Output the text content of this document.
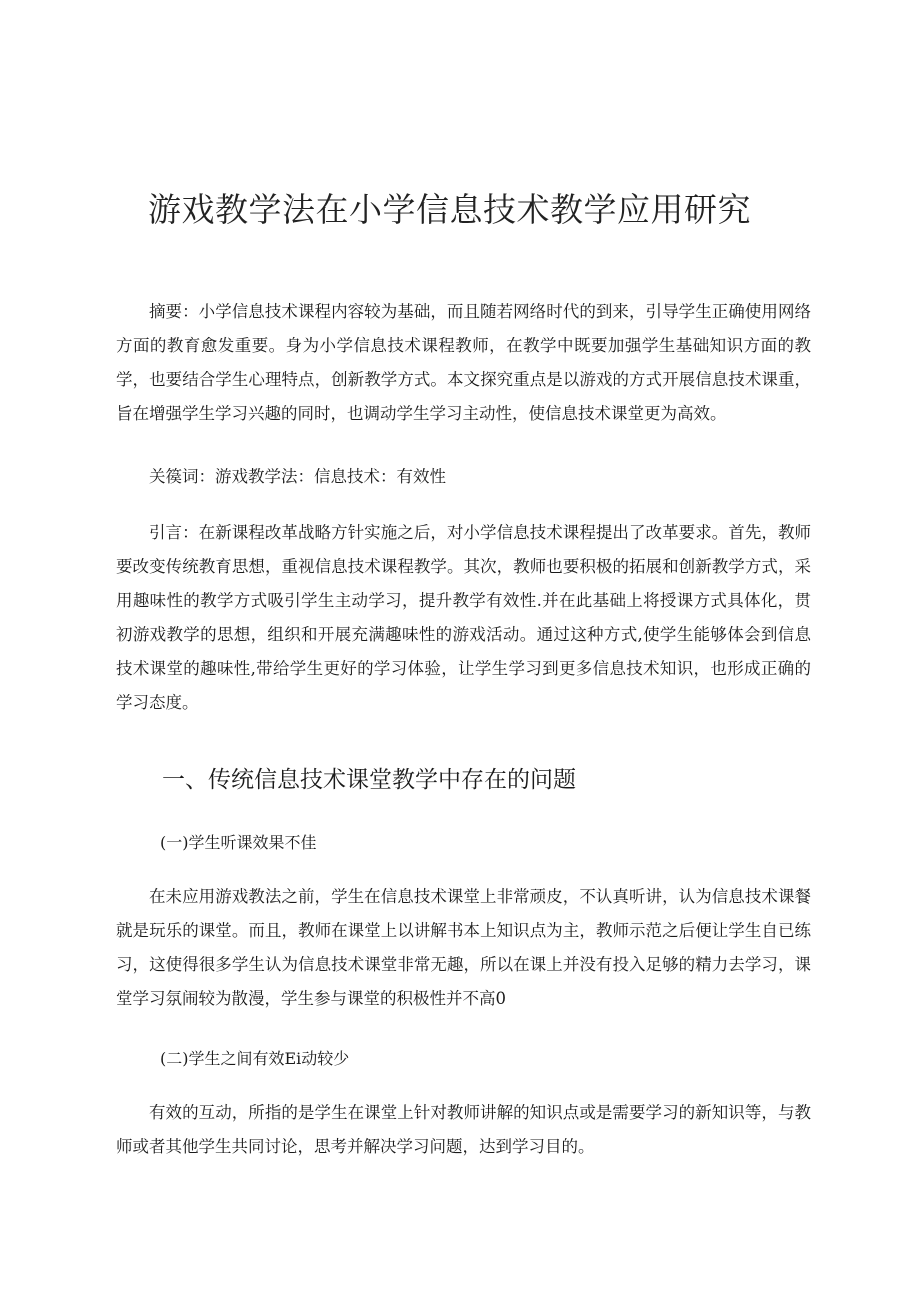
游戏教学法在小学信息技术教学应用研究

摘要：小学信息技术课程内容较为基础，而且随若网络时代的到来，引导学生正确使用网络方面的教育愈发重要。身为小学信息技术课程教师，在教学中既要加强学生基础知识方面的教学，也要结合学生心理特点，创新教学方式。本文探究重点是以游戏的方式开展信息技术课重，旨在增强学生学习兴趣的同时，也调动学生学习主动性，使信息技术课堂更为高效。

关篌词：游戏教学法：信息技术：有效性

引言：在新课程改革战略方针实施之后，对小学信息技术课程提出了改革要求。首先，教师要改变传统教育思想，重视信息技术课程教学。其次，教师也要积极的拓展和创新教学方式，采用趣味性的教学方式吸引学生主动学习，提升教学有效性.并在此基础上将授课方式具体化，贯初游戏教学的思想，组织和开展充满趣味性的游戏活动。通过这种方式,使学生能够体会到信息技术课堂的趣味性,带给学生更好的学习体验，让学生学习到更多信息技术知识，也形成正确的学习态度。

一、传统信息技术课堂教学中存在的问题
(一)学生听课效果不佳

在未应用游戏教法之前，学生在信息技术课堂上非常顽皮，不认真听讲，认为信息技术课餐就是玩乐的课堂。而且，教师在课堂上以讲解书本上知识点为主，教师示范之后便让学生自已练习，这使得很多学生认为信息技术课堂非常无趣，所以在课上并没有投入足够的精力去学习，课堂学习氛闹较为散漫，学生参与课堂的积极性并不高0

(二)学生之间有效Ei动较少

有效的互动，所指的是学生在课堂上针对教师讲解的知识点或是需要学习的新知识等，与教师或者其他学生共同讨论，思考并解决学习问题，达到学习目的。
